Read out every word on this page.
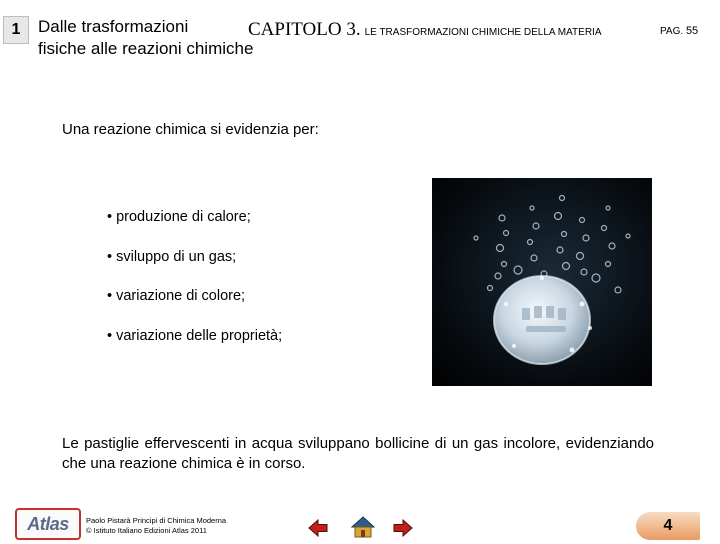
1 Dalle trasformazioni
fisiche alle reazioni chimiche
CAPITOLO 3. LE TRASFORMAZIONI CHIMICHE DELLA MATERIA	PAG. 55
Una reazione chimica si evidenzia per:
• produzione di calore;
• sviluppo di un gas;
• variazione di colore;
• variazione delle proprietà;
Le pastiglie effervescenti in acqua sviluppano bollicine di un gas incolore, evidenziando che una reazione chimica è in corso.
Atlas Paolo Pistarà Principi di Chimica Moderna
© Istituto Italiano Edizioni Atlas 2011	4
